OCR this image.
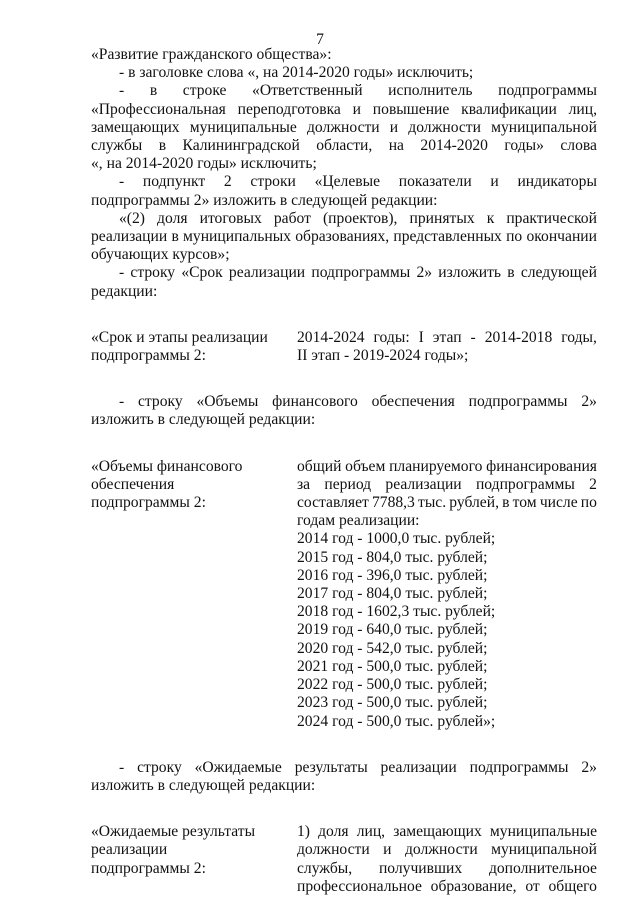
7
«Развитие гражданского общества»:
- в заголовке слова «, на 2014-2020 годы» исключить;
- в строке «Ответственный исполнитель подпрограммы
«Профессиональная переподготовка и повышение квалификации лиц,
замещающих муниципальные должности и должности муниципальной
службы в Калининградской области, на 2014-2020 годы» слова
«, на 2014-2020 годы» исключить;
- подпункт 2 строки «Целевые показатели и индикаторы
подпрограммы 2» изложить в следующей редакции:
«(2) доля итоговых работ (проектов), принятых к практической
реализации в муниципальных образованиях, представленных по окончании
обучающих курсов»;
- строку «Срок реализации подпрограммы 2» изложить в следующей
редакции:
«Срок и этапы реализации
подпрограммы 2:
2014-2024 годы: I этап - 2014-2018 годы,
II этап - 2019-2024 годы»;
- строку «Объемы финансового обеспечения подпрограммы 2»
изложить в следующей редакции:
«Объемы финансового
обеспечения
подпрограммы 2:
общий объем планируемого финансирования
за период реализации подпрограммы 2
составляет 7788,3 тыс. рублей, в том числе по
годам реализации:
2014 год - 1000,0 тыс. рублей;
2015 год - 804,0 тыс. рублей;
2016 год - 396,0 тыс. рублей;
2017 год - 804,0 тыс. рублей;
2018 год - 1602,3 тыс. рублей;
2019 год - 640,0 тыс. рублей;
2020 год - 542,0 тыс. рублей;
2021 год - 500,0 тыс. рублей;
2022 год - 500,0 тыс. рублей;
2023 год - 500,0 тыс. рублей;
2024 год - 500,0 тыс. рублей»;
- строку «Ожидаемые результаты реализации подпрограммы 2»
изложить в следующей редакции:
«Ожидаемые результаты
реализации
подпрограммы 2:
1) доля лиц, замещающих муниципальные
должности и должности муниципальной
службы, получивших дополнительное
профессиональное образование, от общего
